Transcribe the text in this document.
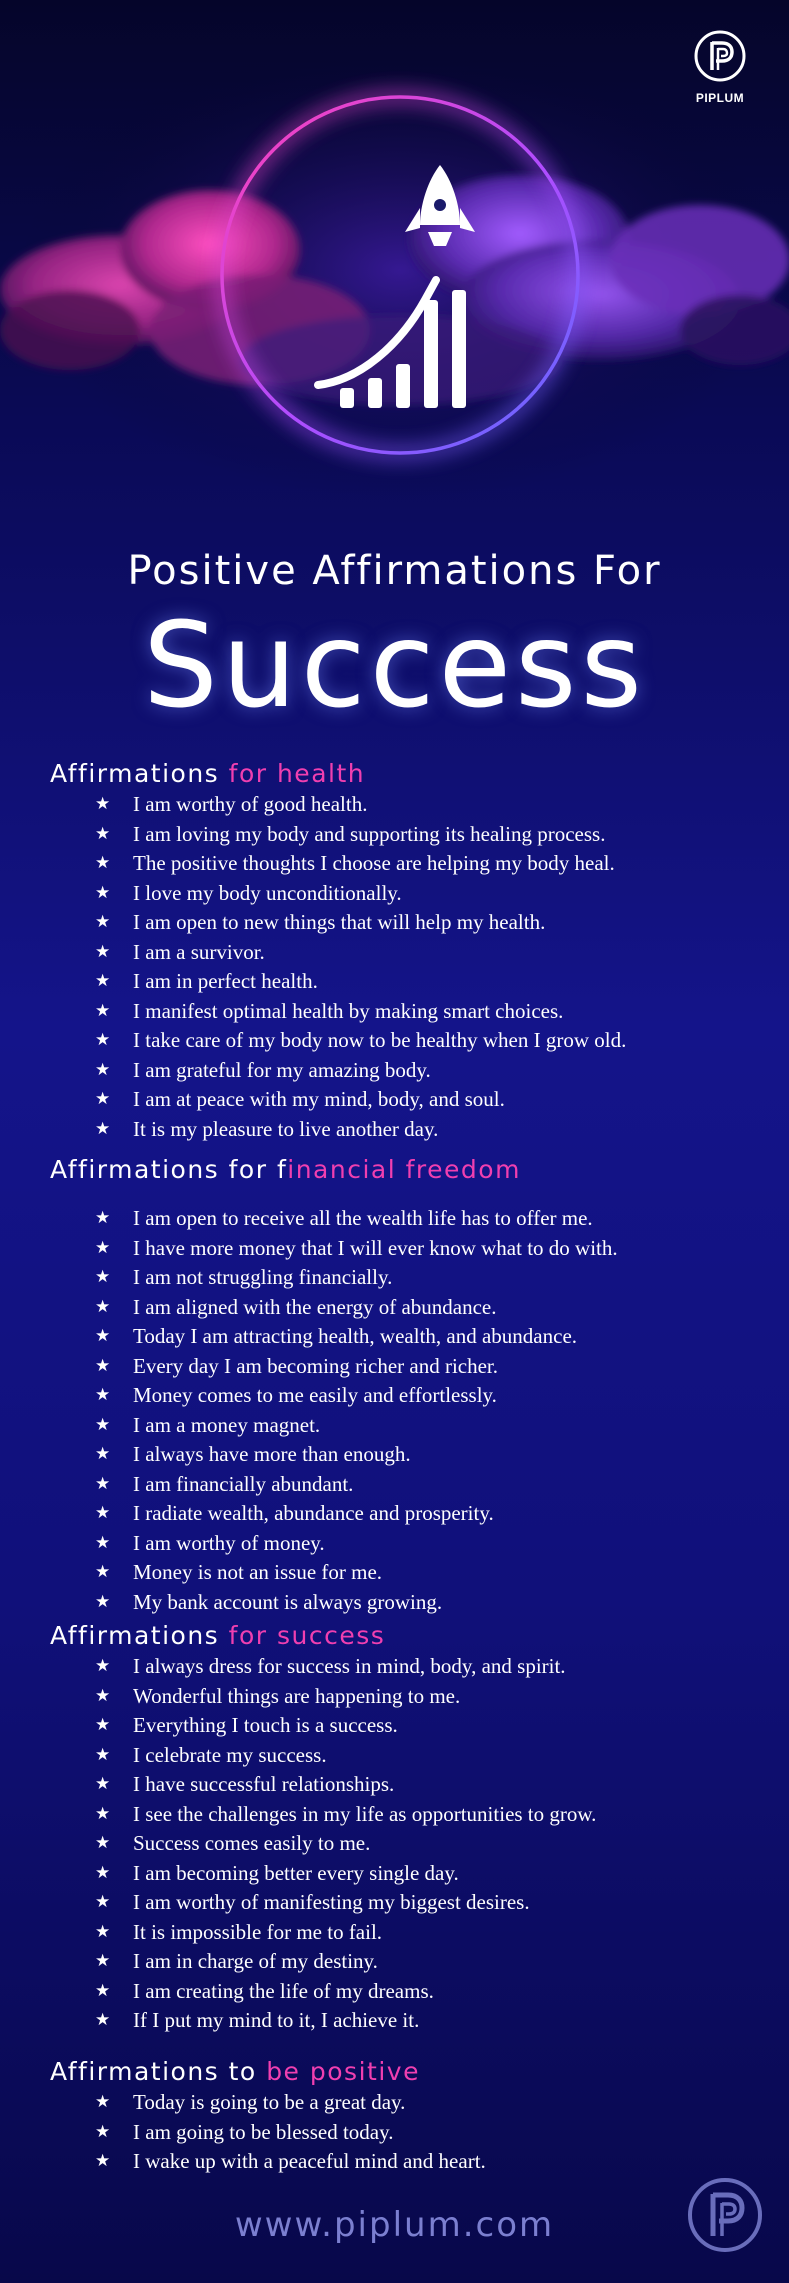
PIPLUM
Positive Affirmations For
Success
Affirmations for health
★ I am worthy of good health.
★ I am loving my body and supporting its healing process.
★ The positive thoughts I choose are helping my body heal.
★ I love my body unconditionally.
★ I am open to new things that will help my health.
★ I am a survivor.
★ I am in perfect health.
★ I manifest optimal health by making smart choices.
★ I take care of my body now to be healthy when I grow old.
★ I am grateful for my amazing body.
★ I am at peace with my mind, body, and soul.
★ It is my pleasure to live another day.
Affirmations for financial freedom
★ I am open to receive all the wealth life has to offer me.
★ I have more money that I will ever know what to do with.
★ I am not struggling financially.
★ I am aligned with the energy of abundance.
★ Today I am attracting health, wealth, and abundance.
★ Every day I am becoming richer and richer.
★ Money comes to me easily and effortlessly.
★ I am a money magnet.
★ I always have more than enough.
★ I am financially abundant.
★ I radiate wealth, abundance and prosperity.
★ I am worthy of money.
★ Money is not an issue for me.
★ My bank account is always growing.
Affirmations for success
★ I always dress for success in mind, body, and spirit.
★ Wonderful things are happening to me.
★ Everything I touch is a success.
★ I celebrate my success.
★ I have successful relationships.
★ I see the challenges in my life as opportunities to grow.
★ Success comes easily to me.
★ I am becoming better every single day.
★ I am worthy of manifesting my biggest desires.
★ It is impossible for me to fail.
★ I am in charge of my destiny.
★ I am creating the life of my dreams.
★ If I put my mind to it, I achieve it.
Affirmations to be positive
★ Today is going to be a great day.
★ I am going to be blessed today.
★ I wake up with a peaceful mind and heart.
www.piplum.com
